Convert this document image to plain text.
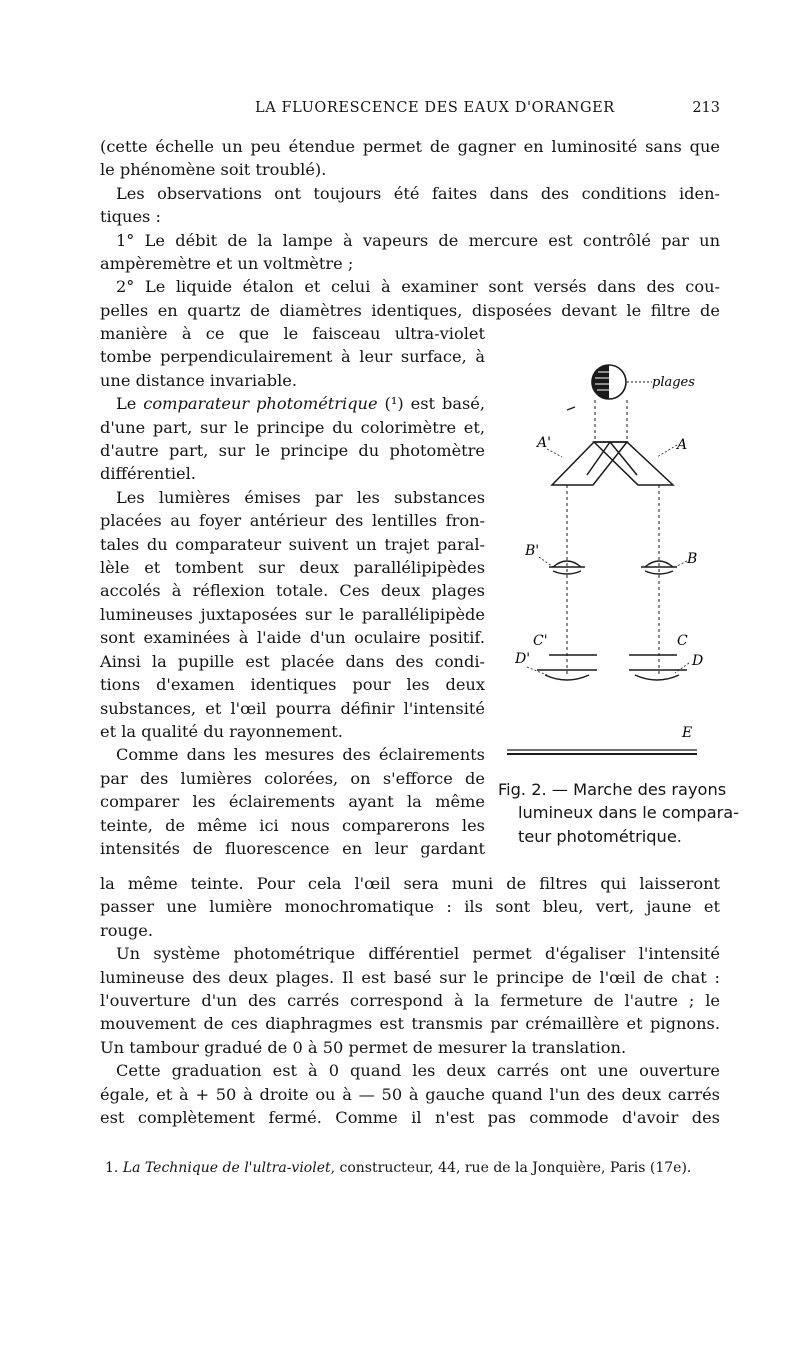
LA FLUORESCENCE DES EAUX D'ORANGER	213
(cette échelle un peu étendue permet de gagner en luminosité sans que
le phénomène soit troublé).
Les observations ont toujours été faites dans des conditions iden-
tiques :
1° Le débit de la lampe à vapeurs de mercure est contrôlé par un
ampèremètre et un voltmètre ;
2° Le liquide étalon et celui à examiner sont versés dans des cou-
pelles en quartz de diamètres identiques, disposées devant le filtre de
manière à ce que le faisceau ultra-violet
tombe perpendiculairement à leur surface, à
une distance invariable.
Le comparateur photométrique (¹) est basé,
d'une part, sur le principe du colorimètre et,
d'autre part, sur le principe du photomètre
différentiel.
Les lumières émises par les substances
placées au foyer antérieur des lentilles fron-
tales du comparateur suivent un trajet paral-
lèle et tombent sur deux parallélipipèdes
accolés à réflexion totale. Ces deux plages
lumineuses juxtaposées sur le parallélipipède
sont examinées à l'aide d'un oculaire positif.
Ainsi la pupille est placée dans des condi-
tions d'examen identiques pour les deux
substances, et l'œil pourra définir l'intensité
et la qualité du rayonnement.
Comme dans les mesures des éclairements
par des lumières colorées, on s'efforce de
comparer les éclairements ayant la même
teinte, de même ici nous comparerons les
intensités de fluorescence en leur gardant
plages
A'	A
B'	B
C'
D'
C
D
E
Fig. 2. — Marche des rayons
lumineux dans le compara-
teur photométrique.
la même teinte. Pour cela l'œil sera muni de filtres qui laisseront
passer une lumière monochromatique : ils sont bleu, vert, jaune et
rouge.
Un système photométrique différentiel permet d'égaliser l'intensité
lumineuse des deux plages. Il est basé sur le principe de l'œil de chat :
l'ouverture d'un des carrés correspond à la fermeture de l'autre ; le
mouvement de ces diaphragmes est transmis par crémaillère et pignons.
Un tambour gradué de 0 à 50 permet de mesurer la translation.
Cette graduation est à 0 quand les deux carrés ont une ouverture
égale, et à + 50 à droite ou à — 50 à gauche quand l'un des deux carrés
est complètement fermé. Comme il n'est pas commode d'avoir des
1. La Technique de l'ultra-violet, constructeur, 44, rue de la Jonquière, Paris (17e).
